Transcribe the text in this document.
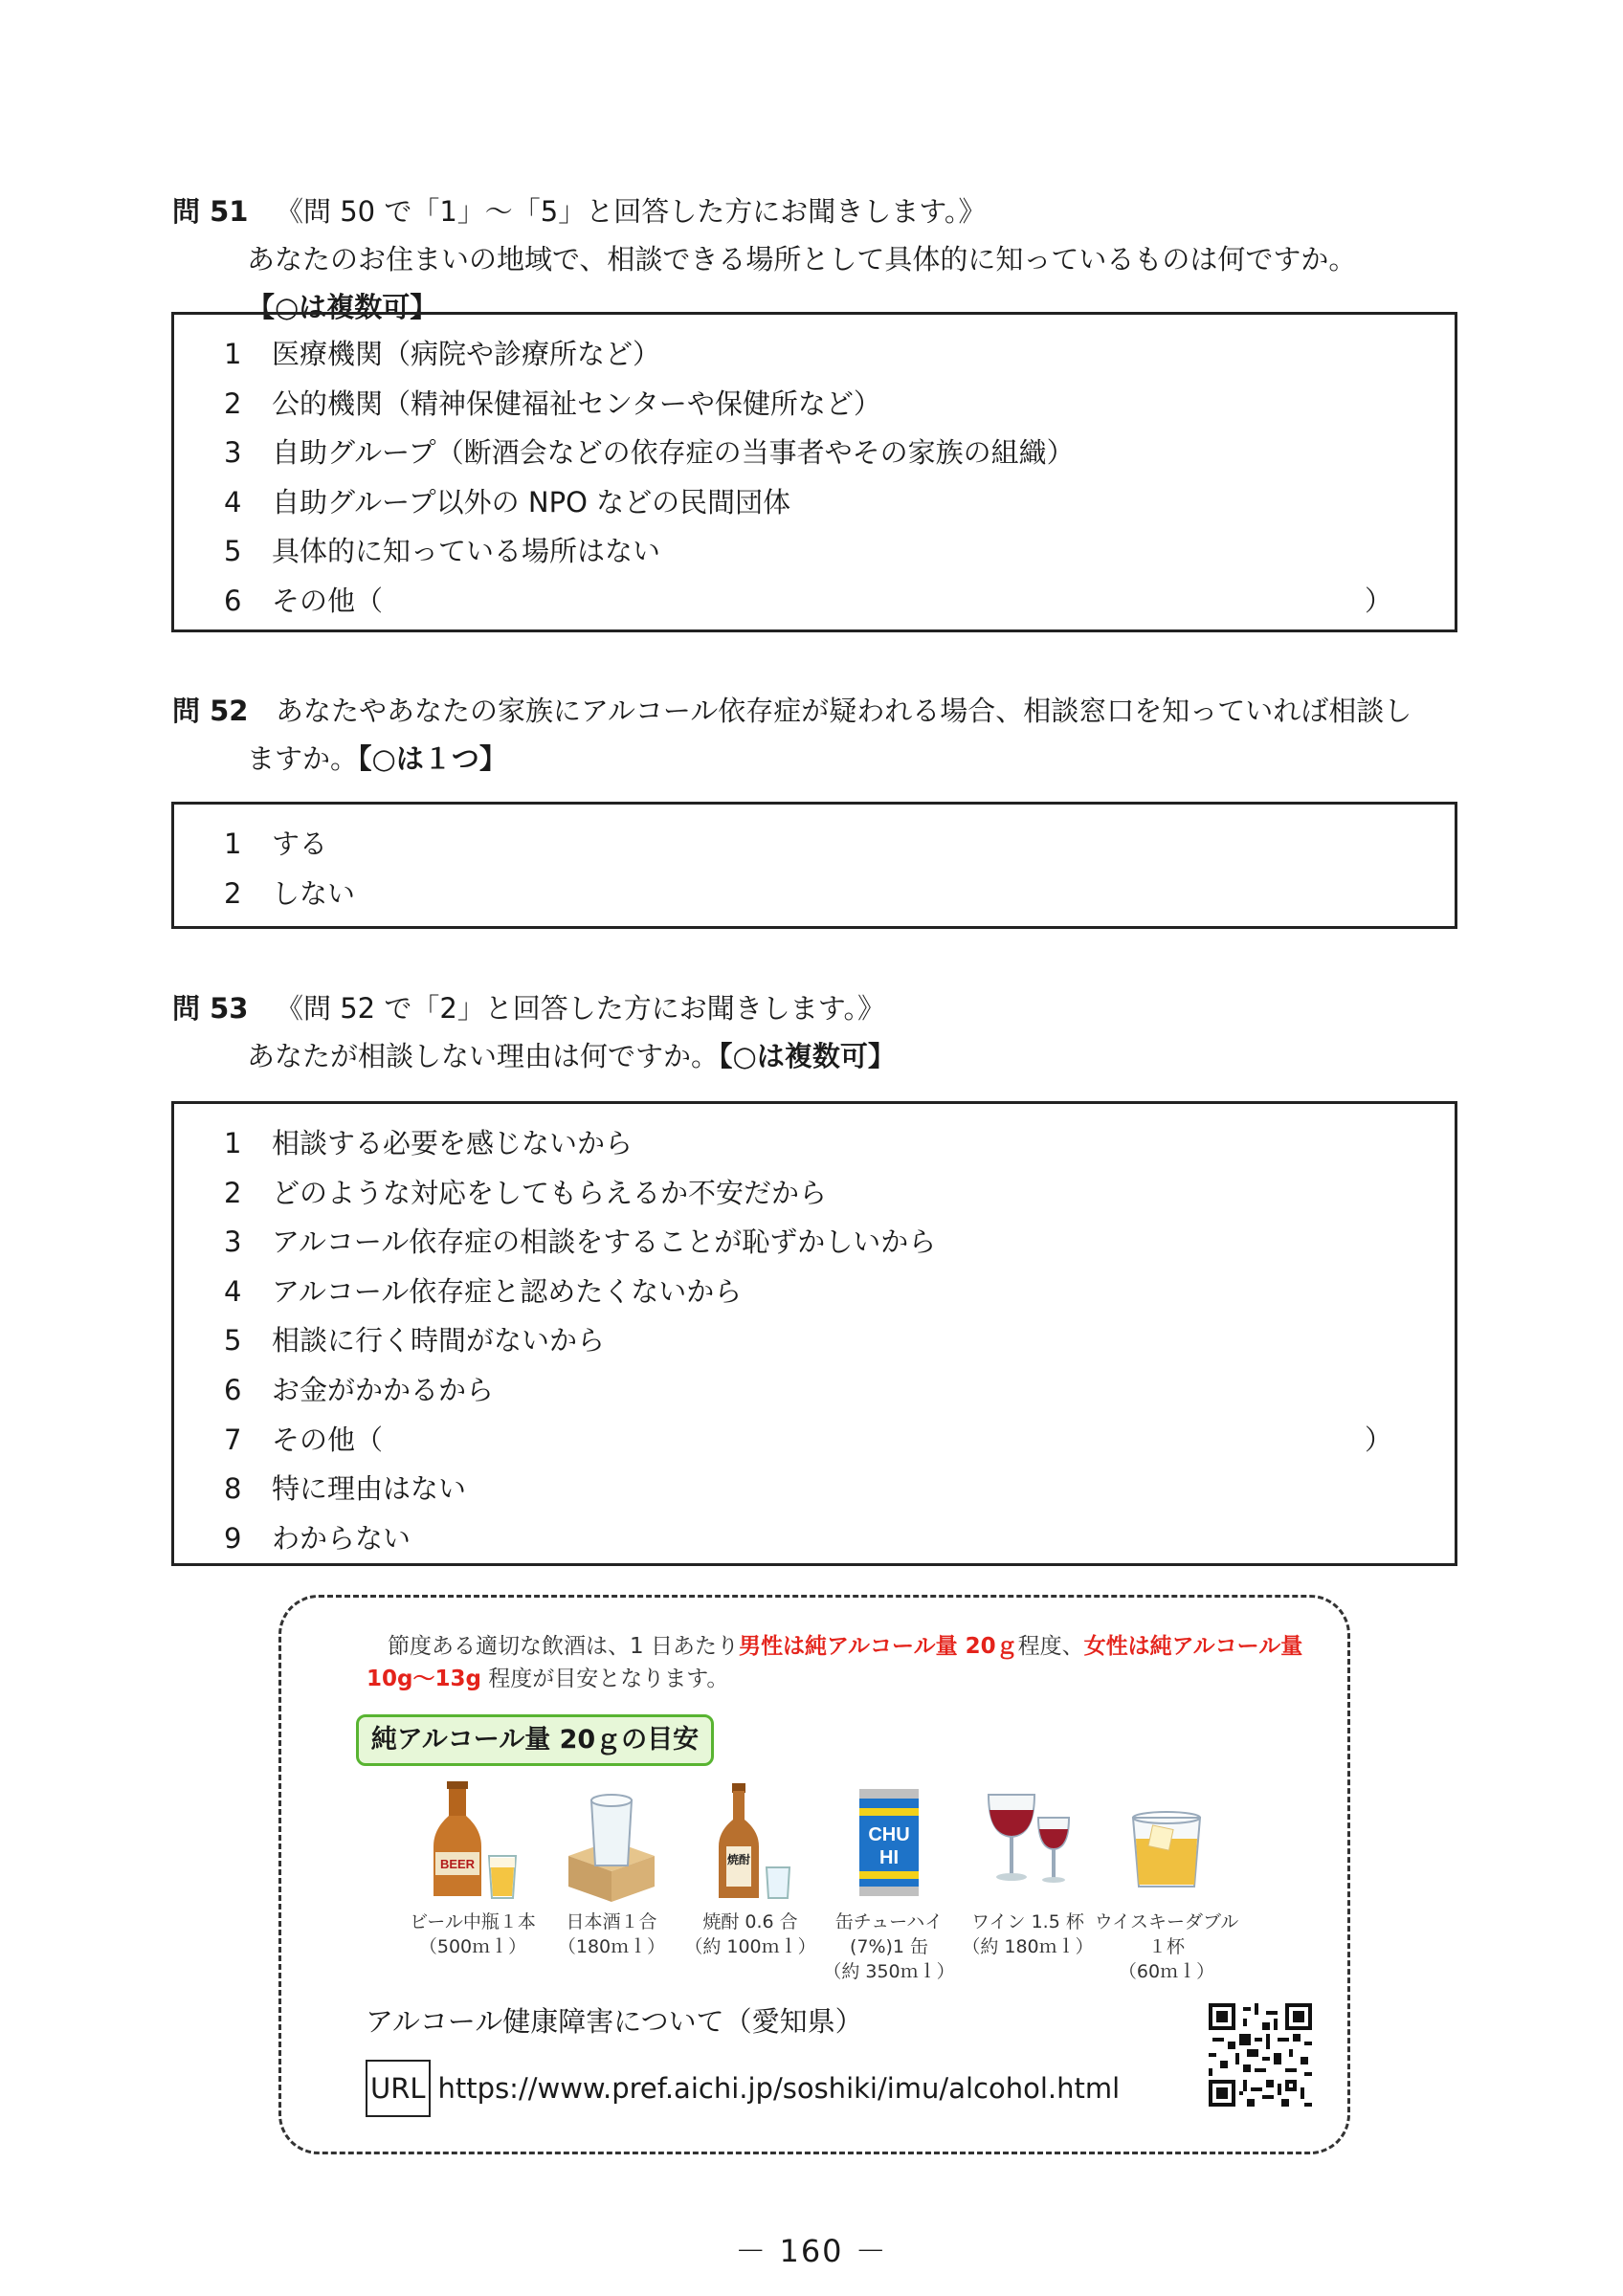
問 51 《問 50 で「1」～「5」と回答した方にお聞きします。》
あなたのお住まいの地域で、相談できる場所として具体的に知っているものは何ですか。
【○は複数可】
1 医療機関（病院や診療所など）
2 公的機関（精神保健福祉センターや保健所など）
3 自助グループ（断酒会などの依存症の当事者やその家族の組織）
4 自助グループ以外の NPO などの民間団体
5 具体的に知っている場所はない
6 その他（	）
問 52 あなたやあなたの家族にアルコール依存症が疑われる場合、相談窓口を知っていれば相談し
ますか。【○は１つ】
1 する
2 しない
問 53 《問 52 で「2」と回答した方にお聞きします。》
あなたが相談しない理由は何ですか。【○は複数可】
1 相談する必要を感じないから
2 どのような対応をしてもらえるか不安だから
3 アルコール依存症の相談をすることが恥ずかしいから
4 アルコール依存症と認めたくないから
5 相談に行く時間がないから
6 お金がかかるから
7 その他（	）
8 特に理由はない
9 わからない
節度ある適切な飲酒は、1 日あたり男性は純アルコール量 20ｇ程度、女性は純アルコール量
10g～13g 程度が目安となります。
純アルコール量 20ｇの目安
BEER
ビール中瓶１本
（500ｍｌ）
日本酒１合
（180ｍｌ）
焼酎
焼酎 0.6 合
（約 100ｍｌ）
CHU
HI
缶チューハイ(7%)1 缶
（約 350ｍｌ）
ワイン 1.5 杯
（約 180ｍｌ）
ウイスキーダブル１杯
（60ｍｌ）
アルコール健康障害について（愛知県）
URL https://www.pref.aichi.jp/soshiki/imu/alcohol.html
－ 160 －
